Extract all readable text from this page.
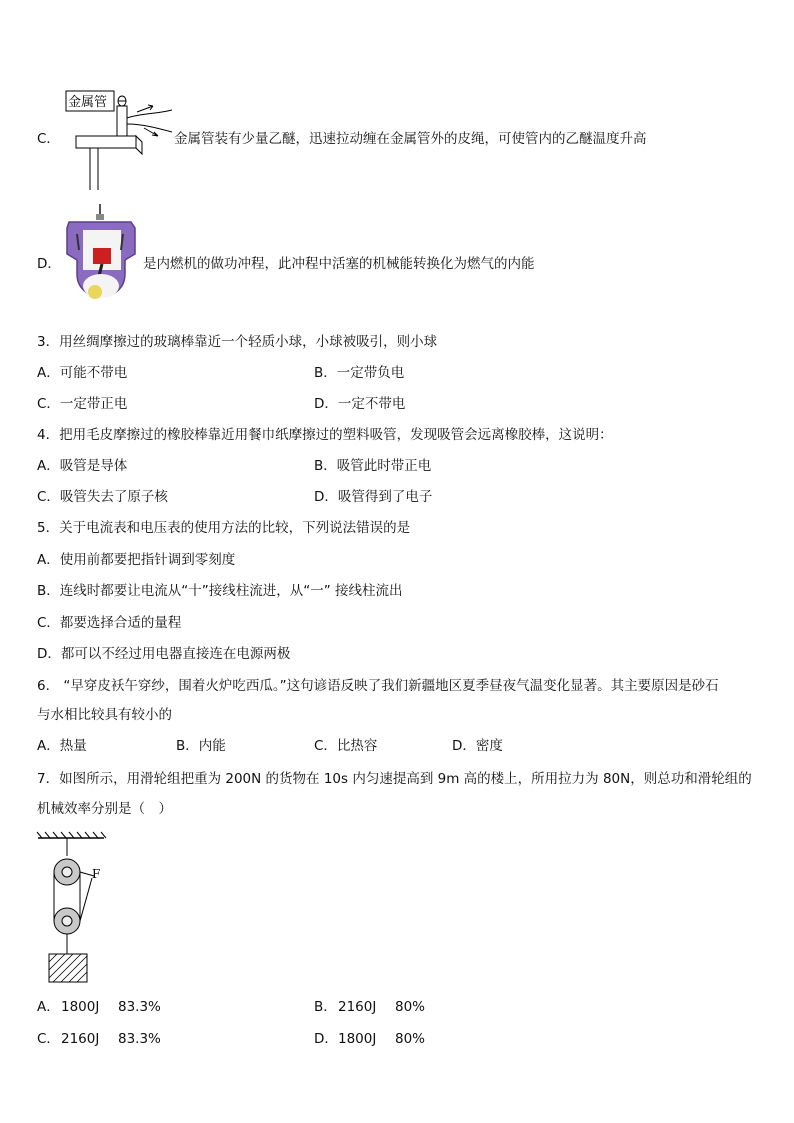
C．
金属管
金属管装有少量乙醚，迅速拉动缠在金属管外的皮绳，可使管内的乙醚温度升高
D．	是内燃机的做功冲程，此冲程中活塞的机械能转换化为燃气的内能
3．用丝绸摩擦过的玻璃棒靠近一个轻质小球，小球被吸引，则小球
A．可能不带电	B．一定带负电
C．一定带正电	D．一定不带电
4．把用毛皮摩擦过的橡胶棒靠近用餐巾纸摩擦过的塑料吸管，发现吸管会远离橡胶棒，这说明：
A．吸管是导体	B．吸管此时带正电
C．吸管失去了原子核	D．吸管得到了电子
5．关于电流表和电压表的使用方法的比较，下列说法错误的是
A．使用前都要把指针调到零刻度
B．连线时都要让电流从“十”接线柱流进，从“一” 接线柱流出
C．都要选择合适的量程
D．都可以不经过用电器直接连在电源两极
6． “早穿皮袄午穿纱，围着火炉吃西瓜。”这句谚语反映了我们新疆地区夏季昼夜气温变化显著。其主要原因是砂石
与水相比较具有较小的
A．热量	B．内能	C．比热容	D．密度
7．如图所示，用滑轮组把重为 200N 的货物在 10s 内匀速提高到 9m 高的楼上，所用拉力为 80N，则总功和滑轮组的
机械效率分别是（　）
F
A． 1800J 83.3%	B． 2160J 80%
C． 2160J 83.3%	D． 1800J 80%
